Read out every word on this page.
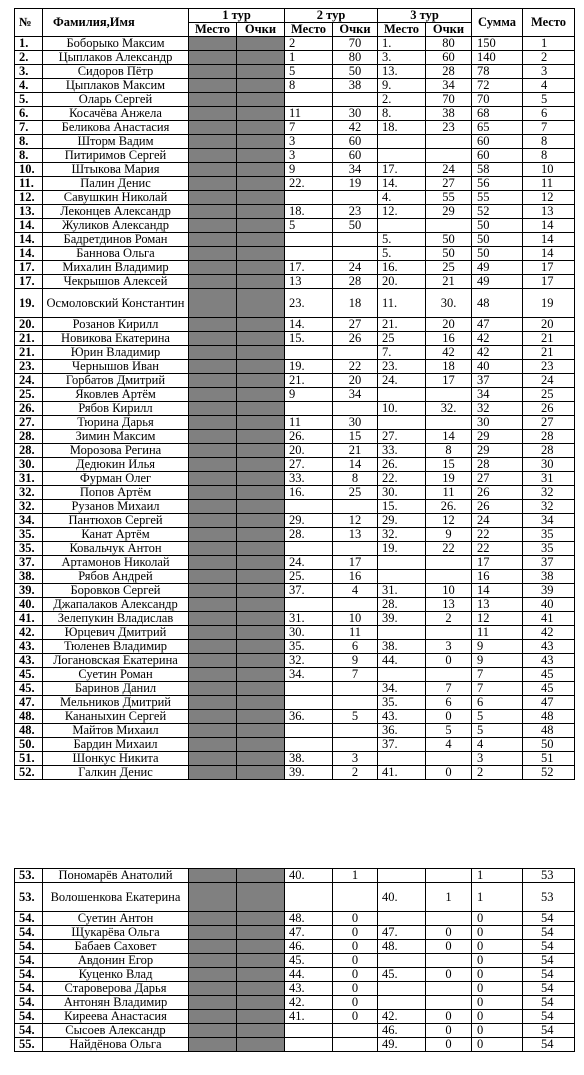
№	Фамилия,Имя	1 тур		2 тур		3 тур		Сумма	Место
		Место	Очки	Место	Очки	Место	Очки		
1.	Боборыко Максим			2	70	1.	80	150	1
2.	Цыплаков Александр			1	80	3.	60	140	2
3.	Сидоров Пётр			5	50	13.	28	78	3
4.	Цыплаков Максим			8	38	9.	34	72	4
5.	Оларь Сергей					2.	70	70	5
6.	Косачёва Анжела			11	30	8.	38	68	6
7.	Беликова Анастасия			7	42	18.	23	65	7
8.	Шторм Вадим			3	60			60	8
8.	Питиримов Сергей			3	60			60	8
10.	Штыкова Мария			9	34	17.	24	58	10
11.	Палин Денис			22.	19	14.	27	56	11
12.	Савушкин Николай					4.	55	55	12
13.	Леконцев Александр			18.	23	12.	29	52	13
14.	Жуликов Александр			5	50			50	14
14.	Бадретдинов Роман					5.	50	50	14
14.	Баннова Ольга					5.	50	50	14
17.	Михалин Владимир			17.	24	16.	25	49	17
17.	Чекрышов Алексей			13	28	20.	21	49	17
19.	Осмоловский Константин			23.	18	11.	30.	48	19
20.	Розанов Кирилл			14.	27	21.	20	47	20
21.	Новикова Екатерина			15.	26	25	16	42	21
21.	Юрин Владимир					7.	42	42	21
23.	Чернышов Иван			19.	22	23.	18	40	23
24.	Горбатов Дмитрий			21.	20	24.	17	37	24
25.	Яковлев Артём			9	34			34	25
26.	Рябов Кирилл					10.	32.	32	26
27.	Тюрина Дарья			11	30			30	27
28.	Зимин Максим			26.	15	27.	14	29	28
28.	Морозова Регина			20.	21	33.	8	29	28
30.	Дедюкин Илья			27.	14	26.	15	28	30
31.	Фурман Олег			33.	8	22.	19	27	31
32.	Попов Артём			16.	25	30.	11	26	32
32.	Рузанов Михаил					15.	26.	26	32
34.	Пантюхов Сергей			29.	12	29.	12	24	34
35.	Канат Артём			28.	13	32.	9	22	35
35.	Ковальчук Антон					19.	22	22	35
37.	Артамонов Николай			24.	17			17	37
38.	Рябов Андрей			25.	16			16	38
39.	Боровков Сергей			37.	4	31.	10	14	39
40.	Джапалаков Александр					28.	13	13	40
41.	Зелепукин Владислав			31.	10	39.	2	12	41
42.	Юрцевич Дмитрий			30.	11			11	42
43.	Тюленев Владимир			35.	6	38.	3	9	43
43.	Логановская Екатерина			32.	9	44.	0	9	43
45.	Суетин Роман			34.	7			7	45
45.	Баринов Данил					34.	7	7	45
47.	Мельников Дмитрий					35.	6	6	47
48.	Кананыхин Сергей			36.	5	43.	0	5	48
48.	Майтов Михаил					36.	5	5	48
50.	Бардин Михаил					37.	4	4	50
51.	Шонкус Никита			38.	3			3	51
52.	Галкин Денис			39.	2	41.	0	2	52
53.	Пономарёв Анатолий			40.	1			1	53
53.	Волошенкова Екатерина					40.	1	1	53
54.	Суетин Антон			48.	0			0	54
54.	Щукарёва Ольга			47.	0	47.	0	0	54
54.	Бабаев Саховет			46.	0	48.	0	0	54
54.	Авдонин Егор			45.	0			0	54
54.	Куценко Влад			44.	0	45.	0	0	54
54.	Староверова Дарья			43.	0			0	54
54.	Антонян Владимир			42.	0			0	54
54.	Киреева Анастасия			41.	0	42.	0	0	54
54.	Сысоев Александр					46.	0	0	54
55.	Найдёнова Ольга					49.	0	0	54
